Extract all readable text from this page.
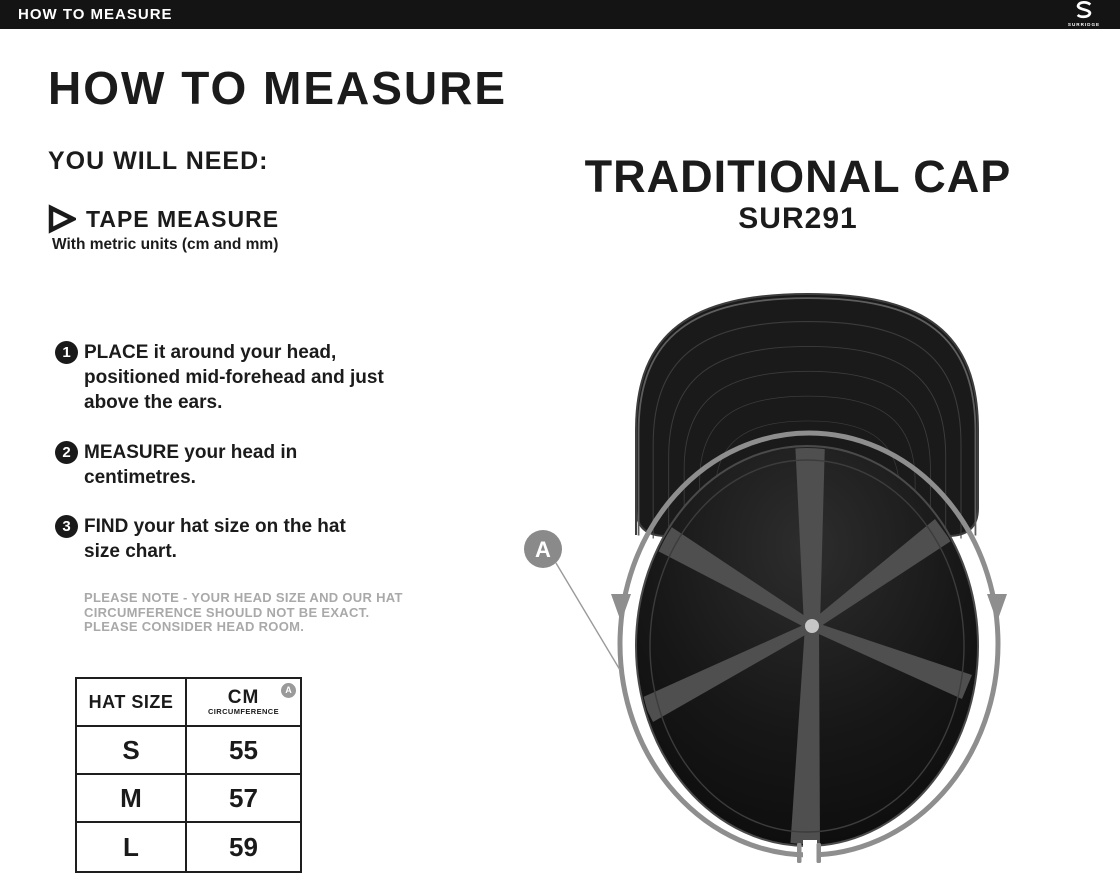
HOW TO MEASURE
SURRIDGE
HOW TO MEASURE
YOU WILL NEED:
TAPE MEASURE
With metric units (cm and mm)
1 PLACE it around your head, positioned mid-forehead and just above the ears.
2 MEASURE your head in centimetres.
3 FIND your hat size on the hat size chart.
PLEASE NOTE - YOUR HEAD SIZE AND OUR HAT
CIRCUMFERENCE SHOULD NOT BE EXACT.
PLEASE CONSIDER HEAD ROOM.
HAT SIZE	CM
CIRCUMFERENCE
A
S	55
M	57
L	59
TRADITIONAL CAP
SUR291
A
